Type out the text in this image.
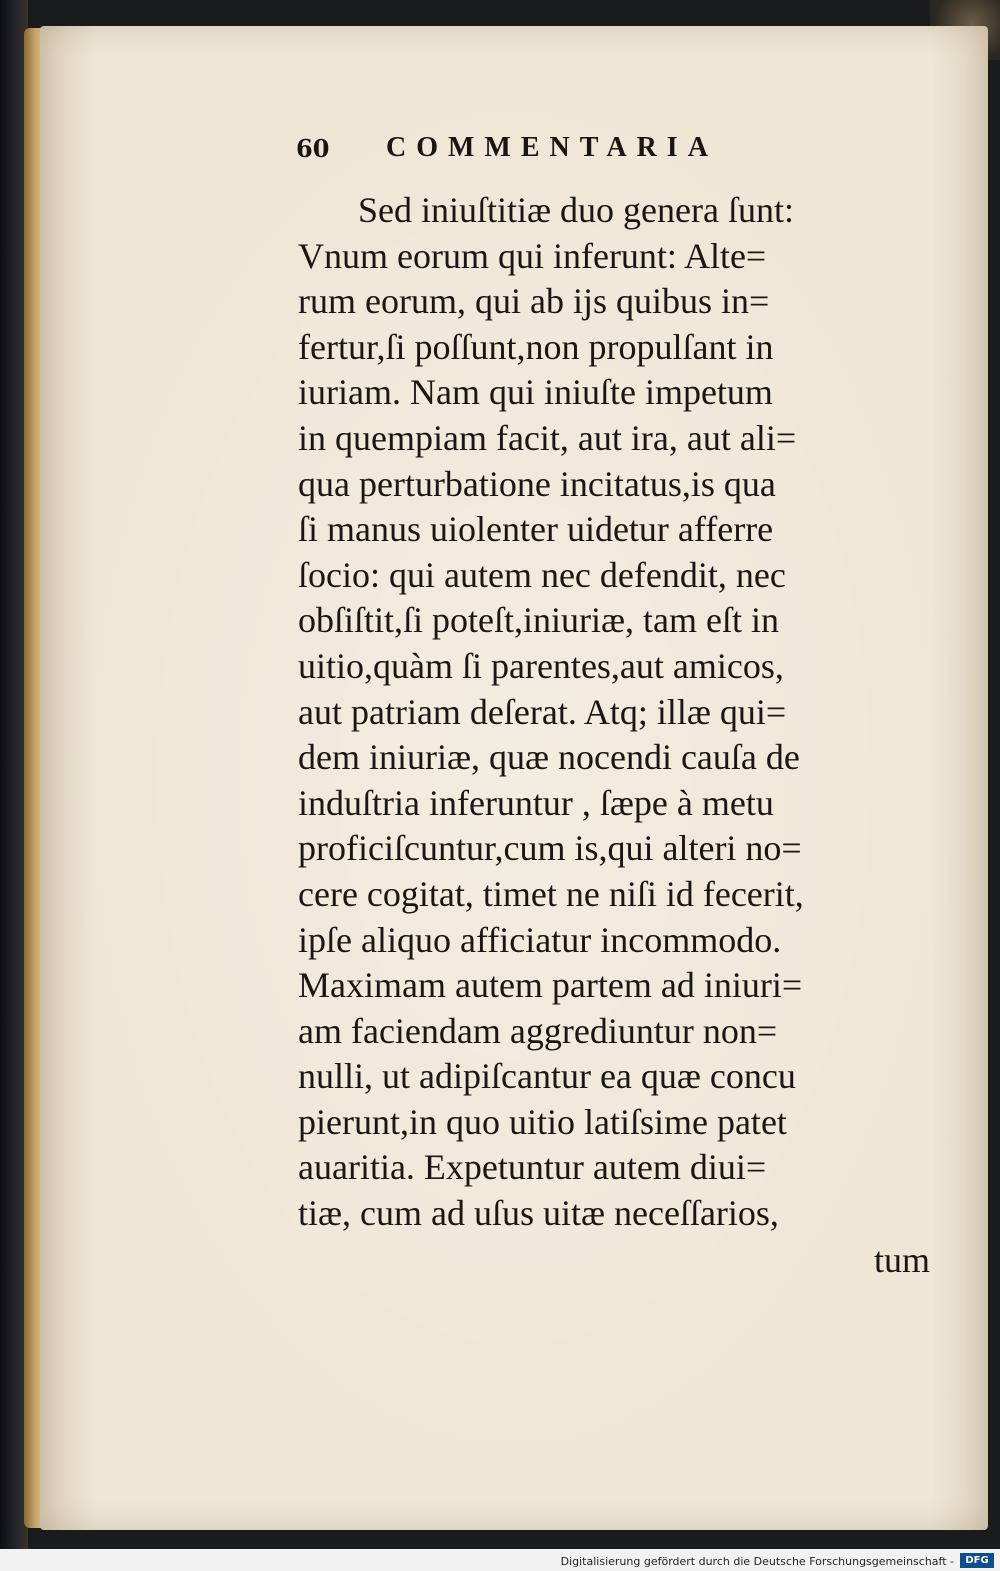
60	COMMENTARIA
Sed iniuſtitiæ duo genera ſunt:
Vnum eorum qui inferunt: Alte=
rum eorum, qui ab ijs quibus in=
fertur,ſi poſſunt,non propulſant in
iuriam. Nam qui iniuſte impetum
in quempiam facit, aut ira, aut ali=
qua perturbatione incitatus,is qua
ſi manus uiolenter uidetur afferre
ſocio: qui autem nec defendit, nec
obſiſtit,ſi poteſt,iniuriæ, tam eſt in
uitio,quàm ſi parentes,aut amicos,
aut patriam deſerat. Atq; illæ qui=
dem iniuriæ, quæ nocendi cauſa de
induſtria inferuntur , ſæpe à metu
proficiſcuntur,cum is,qui alteri no=
cere cogitat, timet ne niſi id fecerit,
ipſe aliquo afficiatur incommodo.
Maximam autem partem ad iniuri=
am faciendam aggrediuntur non=
nulli, ut adipiſcantur ea quæ concu
pierunt,in quo uitio latiſsime patet
auaritia. Expetuntur autem diui=
tiæ, cum ad uſus uitæ neceſſarios,
tum
Digitalisierung gefördert durch die Deutsche Forschungsgemeinschaft -	DFG
